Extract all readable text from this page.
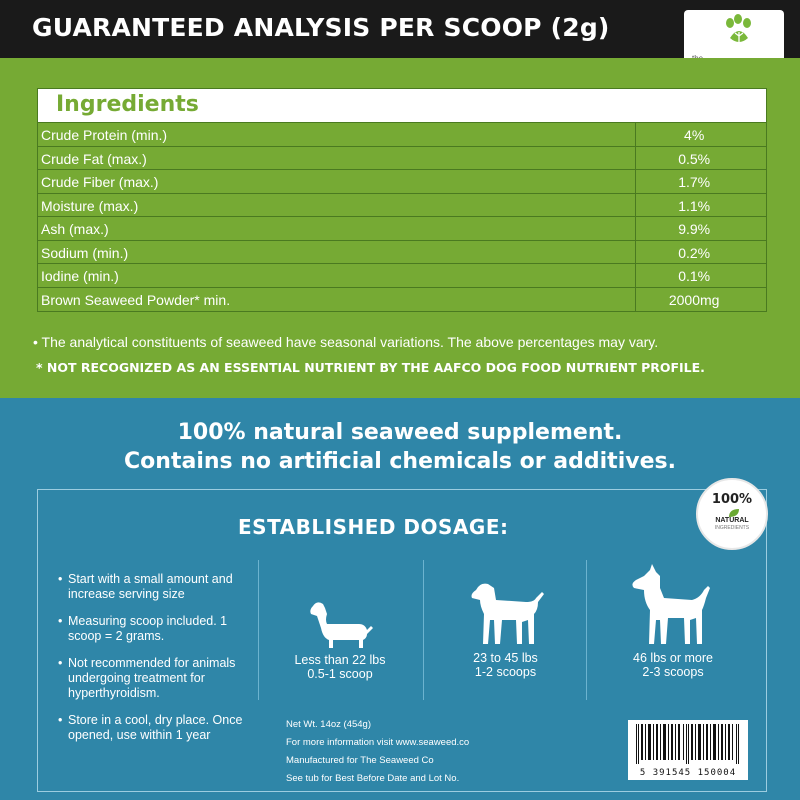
GUARANTEED ANALYSIS PER SCOOP (2g)
Ingredients
Crude Protein (min.)	4%
Crude Fat (max.)	0.5%
Crude Fiber (max.)	1.7%
Moisture (max.)	1.1%
Ash (max.)	9.9%
Sodium (min.)	0.2%
Iodine (min.)	0.1%
Brown Seaweed Powder* min.	2000mg
• The analytical constituents of seaweed have seasonal variations. The above percentages may vary.
* NOT RECOGNIZED AS AN ESSENTIAL NUTRIENT BY THE AAFCO DOG FOOD NUTRIENT PROFILE.
100% natural seaweed supplement.
Contains no artificial chemicals or additives.
ESTABLISHED DOSAGE:
100%
NATURAL
INGREDIENTS
• Start with a small amount and increase serving size
• Measuring scoop included. 1 scoop = 2 grams.
• Not recommended for animals undergoing treatment for hyperthyroidism.
• Store in a cool, dry place. Once opened, use within 1 year
Less than 22 lbs
0.5-1 scoop
23 to 45 lbs
1-2 scoops
46 lbs or more
2-3 scoops
Net Wt. 14oz (454g)
For more information visit www.seaweed.co
Manufactured for The Seaweed Co
See tub for Best Before Date and Lot No.	5 391545 150004
